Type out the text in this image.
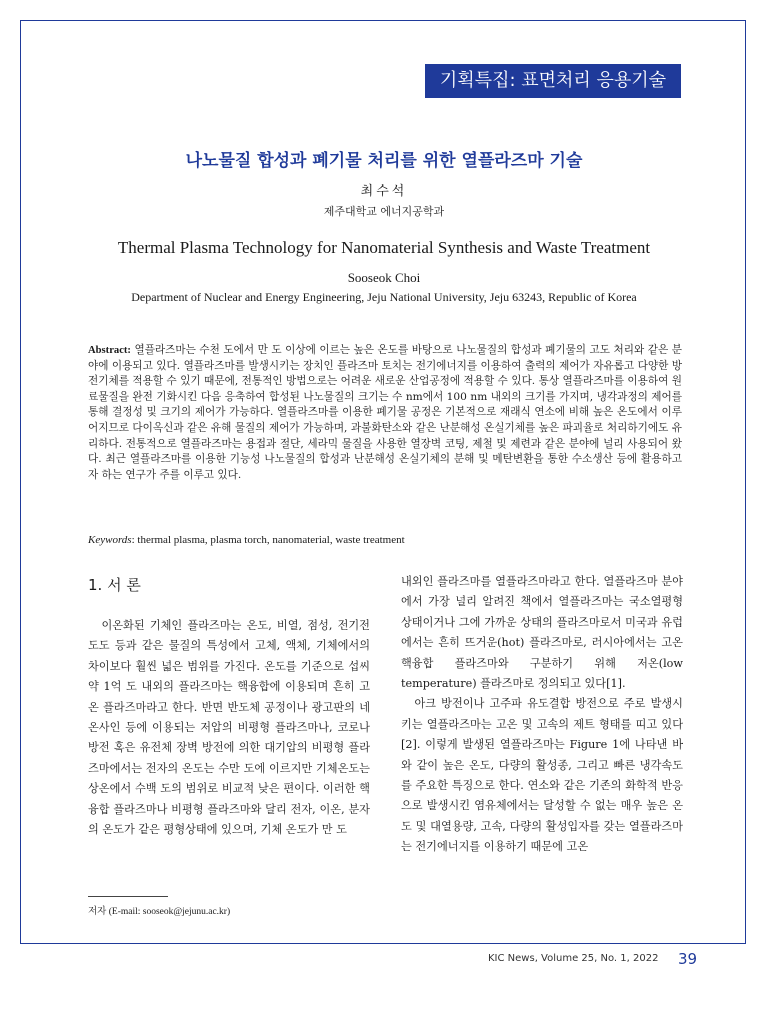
기획특집: 표면처리 응용기술
나노물질 합성과 폐기물 처리를 위한 열플라즈마 기술
최수석
제주대학교 에너지공학과
Thermal Plasma Technology for Nanomaterial Synthesis and Waste Treatment
Sooseok Choi
Department of Nuclear and Energy Engineering, Jeju National University, Jeju 63243, Republic of Korea
Abstract: 열플라즈마는 수천 도에서 만 도 이상에 이르는 높은 온도를 바탕으로 나노물질의 합성과 폐기물의 고도 처리와 같은 분야에 이용되고 있다. 열플라즈마를 발생시키는 장치인 플라즈마 토치는 전기에너지를 이용하여 출력의 제어가 자유롭고 다양한 방전기체를 적용할 수 있기 때문에, 전통적인 방법으로는 어려운 새로운 산업공정에 적용할 수 있다. 통상 열플라즈마를 이용하여 원료물질을 완전 기화시킨 다음 응축하여 합성된 나노물질의 크기는 수 nm에서 100 nm 내외의 크기를 가지며, 냉각과정의 제어를 통해 결정성 및 크기의 제어가 가능하다. 열플라즈마를 이용한 폐기물 공정은 기본적으로 재래식 연소에 비해 높은 온도에서 이루어지므로 다이옥신과 같은 유해 물질의 제어가 가능하며, 과불화탄소와 같은 난분해성 온실기체를 높은 파괴율로 처리하기에도 유리하다. 전통적으로 열플라즈마는 용접과 절단, 세라믹 물질을 사용한 열장벽 코팅, 제철 및 제련과 같은 분야에 널리 사용되어 왔다. 최근 열플라즈마를 이용한 기능성 나노물질의 합성과 난분해성 온실기체의 분해 및 메탄변환을 통한 수소생산 등에 활용하고자 하는 연구가 주를 이루고 있다.
Keywords: thermal plasma, plasma torch, nanomaterial, waste treatment
1. 서 론
이온화된 기체인 플라즈마는 온도, 비열, 점성, 전기전도도 등과 같은 물질의 특성에서 고체, 액체, 기체에서의 차이보다 훨씬 넓은 범위를 가진다. 온도를 기준으로 섭씨 약 1억 도 내외의 플라즈마는 핵융합에 이용되며 흔히 고온 플라즈마라고 한다. 반면 반도체 공정이나 광고판의 네온사인 등에 이용되는 저압의 비평형 플라즈마나, 코로나 방전 혹은 유전체 장벽 방전에 의한 대기압의 비평형 플라즈마에서는 전자의 온도는 수만 도에 이르지만 기체온도는 상온에서 수백 도의 범위로 비교적 낮은 편이다. 이러한 핵융합 플라즈마나 비평형 플라즈마와 달리 전자, 이온, 분자의 온도가 같은 평형상태에 있으며, 기체 온도가 만 도

내외인 플라즈마를 열플라즈마라고 한다. 열플라즈마 분야에서 가장 널리 알려진 책에서 열플라즈마는 국소열평형 상태이거나 그에 가까운 상태의 플라즈마로서 미국과 유럽에서는 흔히 뜨거운(hot) 플라즈마로, 러시아에서는 고온 핵융합 플라즈마와 구분하기 위해 저온(low temperature) 플라즈마로 정의되고 있다[1].

아크 방전이나 고주파 유도결합 방전으로 주로 발생시키는 열플라즈마는 고온 및 고속의 제트 형태를 띠고 있다[2]. 이렇게 발생된 열플라즈마는 Figure 1에 나타낸 바와 같이 높은 온도, 다량의 활성종, 그리고 빠른 냉각속도를 주요한 특징으로 한다. 연소와 같은 기존의 화학적 반응으로 발생시킨 염유체에서는 달성할 수 없는 매우 높은 온도 및 대열용량, 고속, 다량의 활성입자를 갖는 열플라즈마는 전기에너지를 이용하기 때문에 고온

저자 (E-mail: sooseok@jejunu.ac.kr)
KIC News, Volume 25, No. 1, 2022 39
